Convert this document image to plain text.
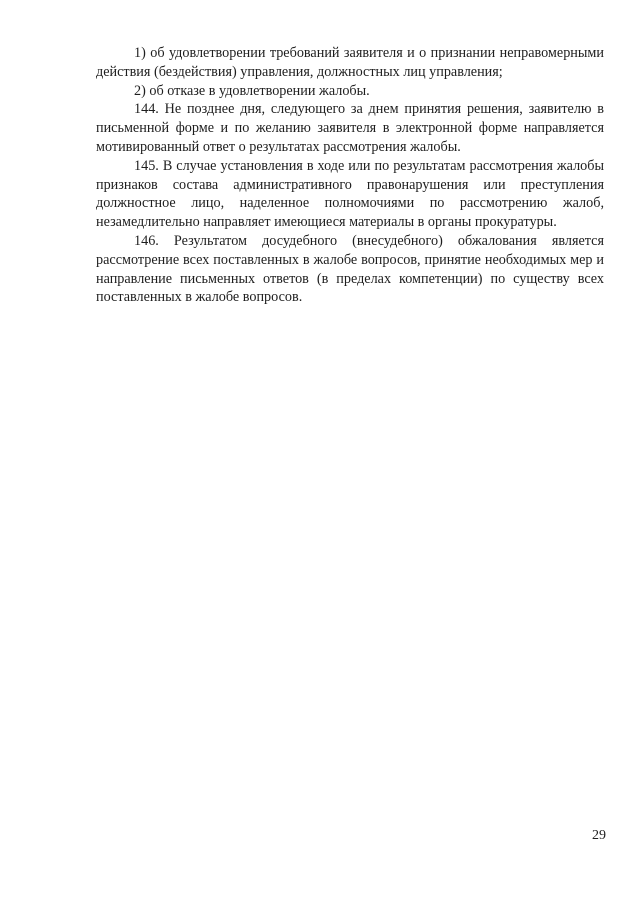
1) об удовлетворении требований заявителя и о признании неправомерными действия (бездействия) управления, должностных лиц управления;

2) об отказе в удовлетворении жалобы.

144. Не позднее дня, следующего за днем принятия решения, заявителю в письменной форме и по желанию заявителя в электронной форме направляется мотивированный ответ о результатах рассмотрения жалобы.

145. В случае установления в ходе или по результатам рассмотрения жалобы признаков состава административного правонарушения или преступления должностное лицо, наделенное полномочиями по рассмотрению жалоб, незамедлительно направляет имеющиеся материалы в органы прокуратуры.

146. Результатом досудебного (внесудебного) обжалования является рассмотрение всех поставленных в жалобе вопросов, принятие необходимых мер и направление письменных ответов (в пределах компетенции) по существу всех поставленных в жалобе вопросов.

29
